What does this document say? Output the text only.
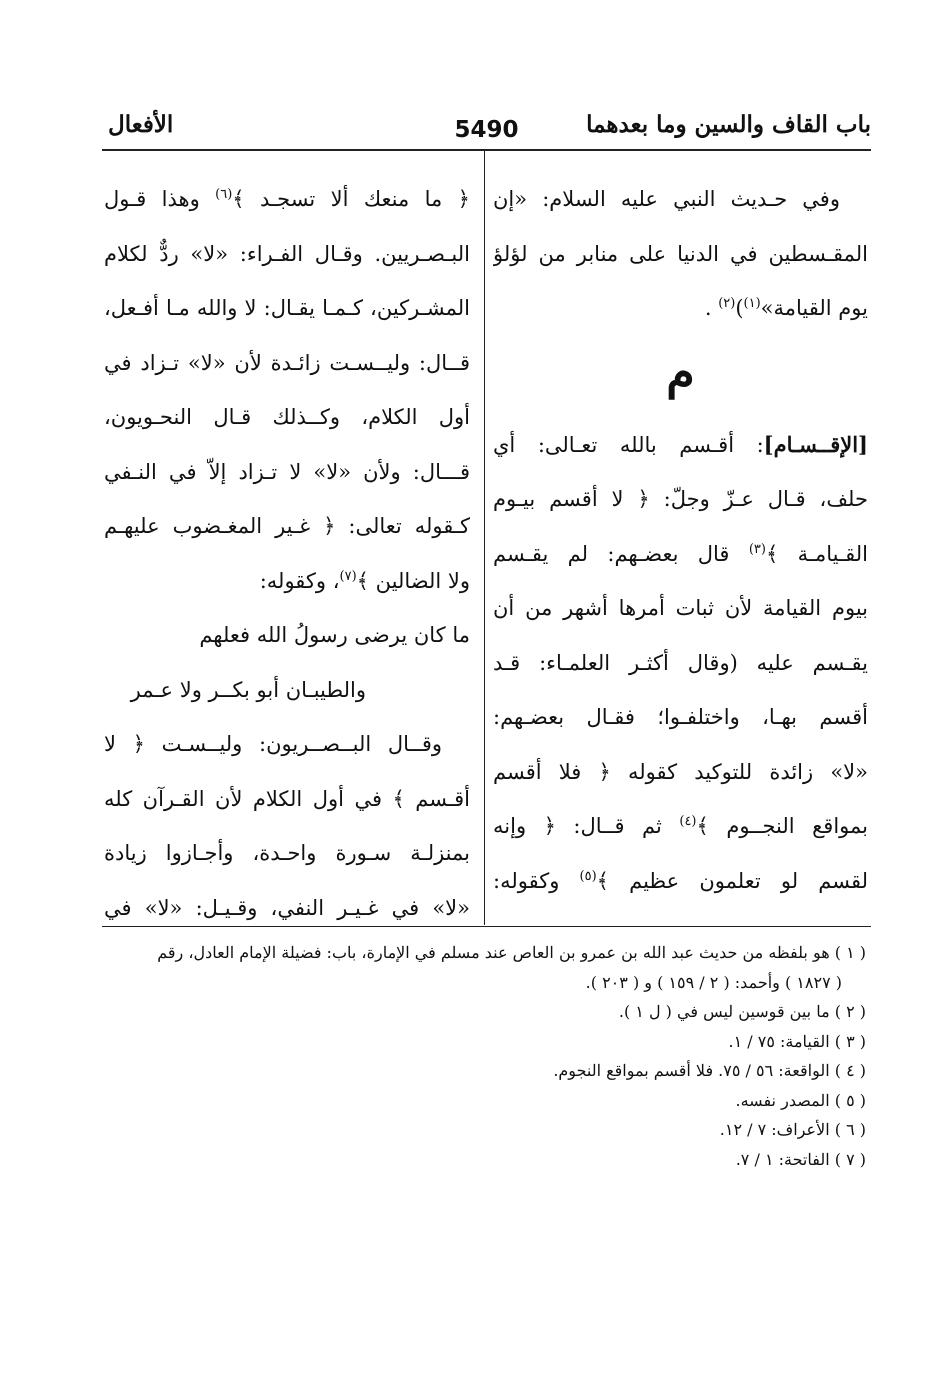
باب القاف والسين وما بعدهما
5490
الأفعال
وفي حـديث النبي عليه السلام: «إن
المقـسطين في الدنيا على منابر من لؤلؤ
يوم القيامة»$^{(١)}$)$^{(٢)}$ .
م
[الإقــسـام]: أقـسم بالله تعـالى: أي
حلف، قـال عـزّ وجلّ: ﴿ لا أقسم بيـوم
القـيامـة ﴾$^{(٣)}$ قال بعضـهم: لم يقـسم
بيوم القيامة لأن ثبات أمرها أشهر من أن
يقـسم عليه (وقال أكثـر العلمـاء: قـد
أقسم بهـا، واختلفـوا؛ فقـال بعضـهم:
«لا» زائدة للتوكيد كقوله ﴿ فلا أقسم
بمواقع النجــوم ﴾$^{(٤)}$ ثم قــال: ﴿ وإنه
لقسم لو تعلمون عظيم ﴾$^{(٥)}$ وكقوله:
﴿ ما منعك ألا تسجـد ﴾$^{(٦)}$ وهذا قـول
البـصـريين. وقـال الفـراء: «لا» ردٌّ لكلام
المشـركين، كـمـا يقـال: لا والله مـا أفـعل،
قــال: وليــسـت زائـدة لأن «لا» تـزاد في
أول الكلام، وكــذلك قـال النحـويون،
قـــال: ولأن «لا» لا تـزاد إلاّ في النـفي
كـقوله تعالى: ﴿ غـير المغـضوب عليهـم
ولا الضالين ﴾$^{(٧)}$، وكقوله:
ما كان يرضى رسولُ الله فعلهم
والطيبـان أبو بكــر ولا عـمر
وقــال البــصــريون: وليــسـت ﴿ لا
أقـسم ﴾ في أول الكلام لأن القـرآن كله
بمنزلـة سـورة واحـدة، وأجـازوا زيادة
«لا» في غـيـر النفي، وقـيـل: «لا» في
( ١ ) هو بلفظه من حديث عبد الله بن عمرو بن العاص عند مسلم في الإمارة، باب: فضيلة الإمام العادل، رقم
( ١٨٢٧ ) وأحمد: ( ٢ / ١٥٩ ) و ( ٢٠٣ ).
( ٢ ) ما بين قوسين ليس في ( ل ١ ).
( ٣ ) القيامة: ٧٥ / ١.
( ٤ ) الواقعة: ٥٦ / ٧٥. فلا أقسم بمواقع النجوم.
( ٥ ) المصدر نفسه.
( ٦ ) الأعراف: ٧ / ١٢.
( ٧ ) الفاتحة: ١ / ٧.
